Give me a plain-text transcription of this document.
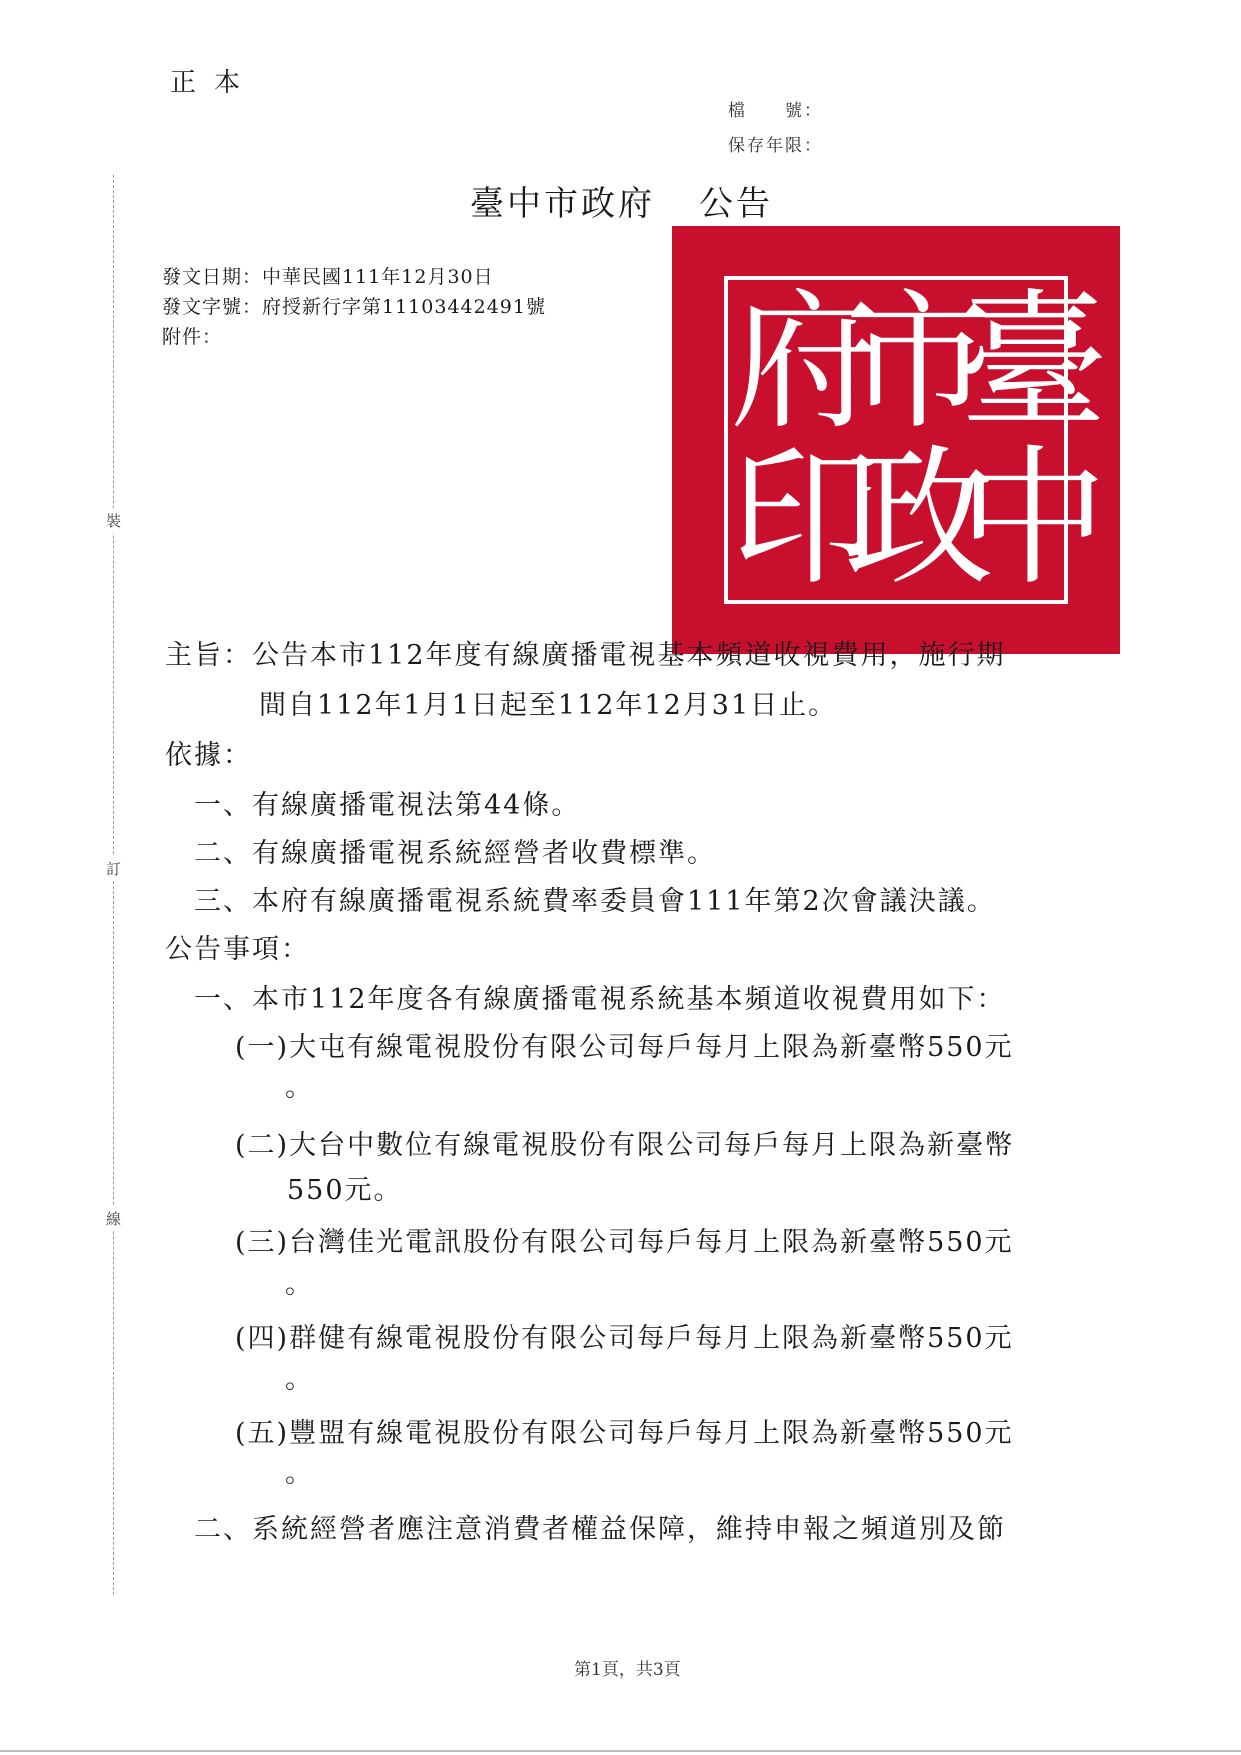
正本
檔　　號：
保存年限：
臺中市政府 公告
發文日期：中華民國111年12月30日
發文字號：府授新行字第11103442491號
附件：	臺
中
市
政
府
印
裝
訂
線
主旨：公告本市112年度有線廣播電視基本頻道收視費用，施行期
間自112年1月1日起至112年12月31日止。
依據：
一、有線廣播電視法第44條。
二、有線廣播電視系統經營者收費標準。
三、本府有線廣播電視系統費率委員會111年第2次會議決議。
公告事項：
一、本市112年度各有線廣播電視系統基本頻道收視費用如下：
(一)大屯有線電視股份有限公司每戶每月上限為新臺幣550元
。
(二)大台中數位有線電視股份有限公司每戶每月上限為新臺幣
550元。
(三)台灣佳光電訊股份有限公司每戶每月上限為新臺幣550元
。
(四)群健有線電視股份有限公司每戶每月上限為新臺幣550元
。
(五)豐盟有線電視股份有限公司每戶每月上限為新臺幣550元
。
二、系統經營者應注意消費者權益保障，維持申報之頻道別及節
第1頁，共3頁
